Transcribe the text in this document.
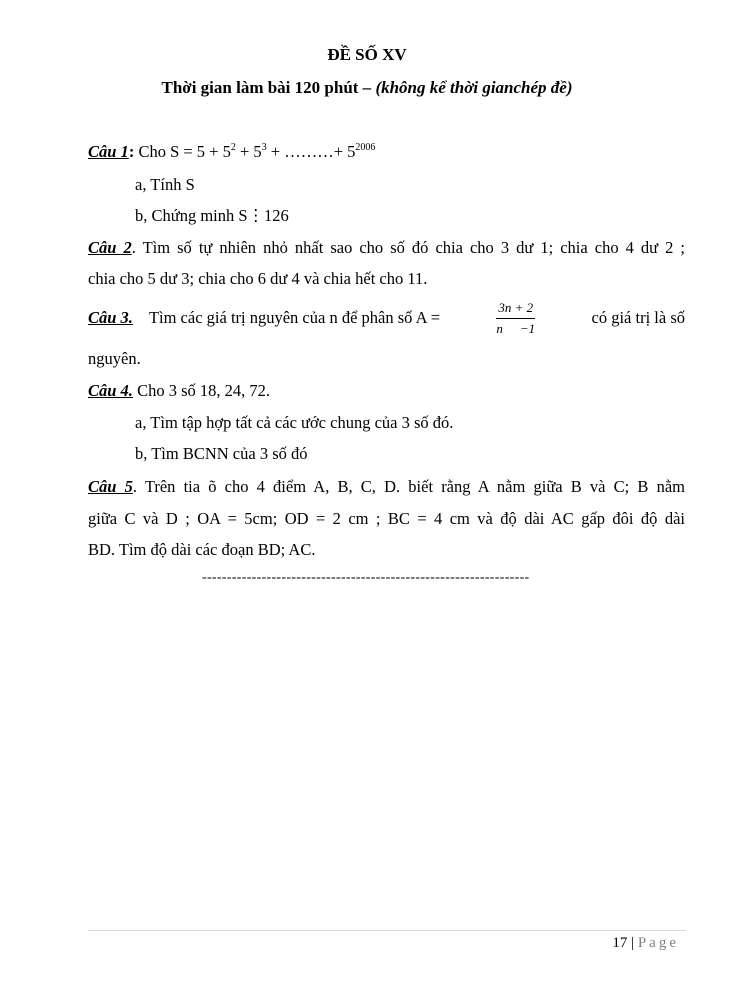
ĐỀ SỐ XV
Thời gian làm bài 120 phút – (không kể thời gianchép đề)
Câu 1: Cho $S = 5 + 5^2 + 5^3$ + ………+ $5^{2006}$
a, Tính S
b, Chứng minh S⋮126
Câu 2. Tìm số tự nhiên nhỏ nhất sao cho số đó chia cho 3 dư 1; chia cho 4 dư 2 ;
chia cho 5 dư 3; chia cho 6 dư 4 và chia hết cho 11.
Câu 3. Tìm các giá trị nguyên của n để phân số A =	$\frac{3n + 2}{n -1}$	có giá trị là số
nguyên.
Câu 4. Cho 3 số 18, 24, 72.
a, Tìm tập hợp tất cả các ước chung của 3 số đó.
b, Tìm BCNN của 3 số đó
Câu 5. Trên tia õ cho 4 điểm A, B, C, D. biết rằng A nằm giữa B và C; B nằm
giữa C và D ; OA = 5cm; OD = 2 cm ; BC = 4 cm và độ dài AC gấp đôi độ dài
BD. Tìm độ dài các đoạn BD; AC.
------------------------------------------------------------------
17 | Page
